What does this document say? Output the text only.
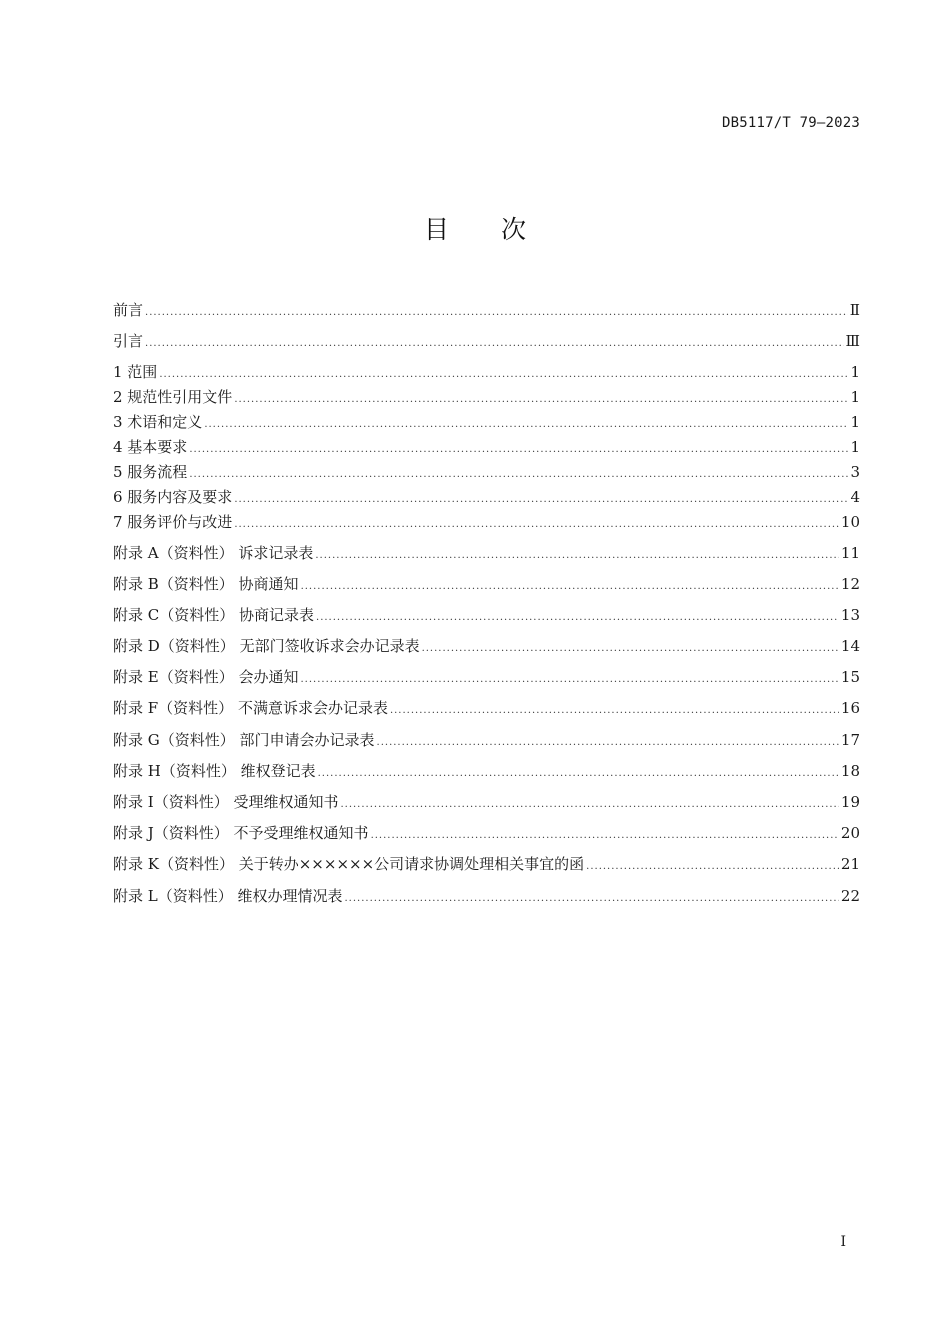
DB5117/T 79—2023
目次
前言 .....	Ⅱ
引言 .....	Ⅲ
1 范围 .....	1
2 规范性引用文件 .....	1
3 术语和定义 .....	1
4 基本要求 .....	1
5 服务流程 .....	3
6 服务内容及要求 .....	4
7 服务评价与改进 .....	10
附录 A（资料性） 诉求记录表 .....	11
附录 B（资料性） 协商通知 .....	12
附录 C（资料性） 协商记录表 .....	13
附录 D（资料性） 无部门签收诉求会办记录表 .....	14
附录 E（资料性） 会办通知 .....	15
附录 F（资料性） 不满意诉求会办记录表 .....	16
附录 G（资料性） 部门申请会办记录表 .....	17
附录 H（资料性） 维权登记表 .....	18
附录 I（资料性） 受理维权通知书 .....	19
附录 J（资料性） 不予受理维权通知书 .....	20
附录 K（资料性） 关于转办××××××公司请求协调处理相关事宜的函 .....	21
附录 L（资料性） 维权办理情况表 .....	22
I
